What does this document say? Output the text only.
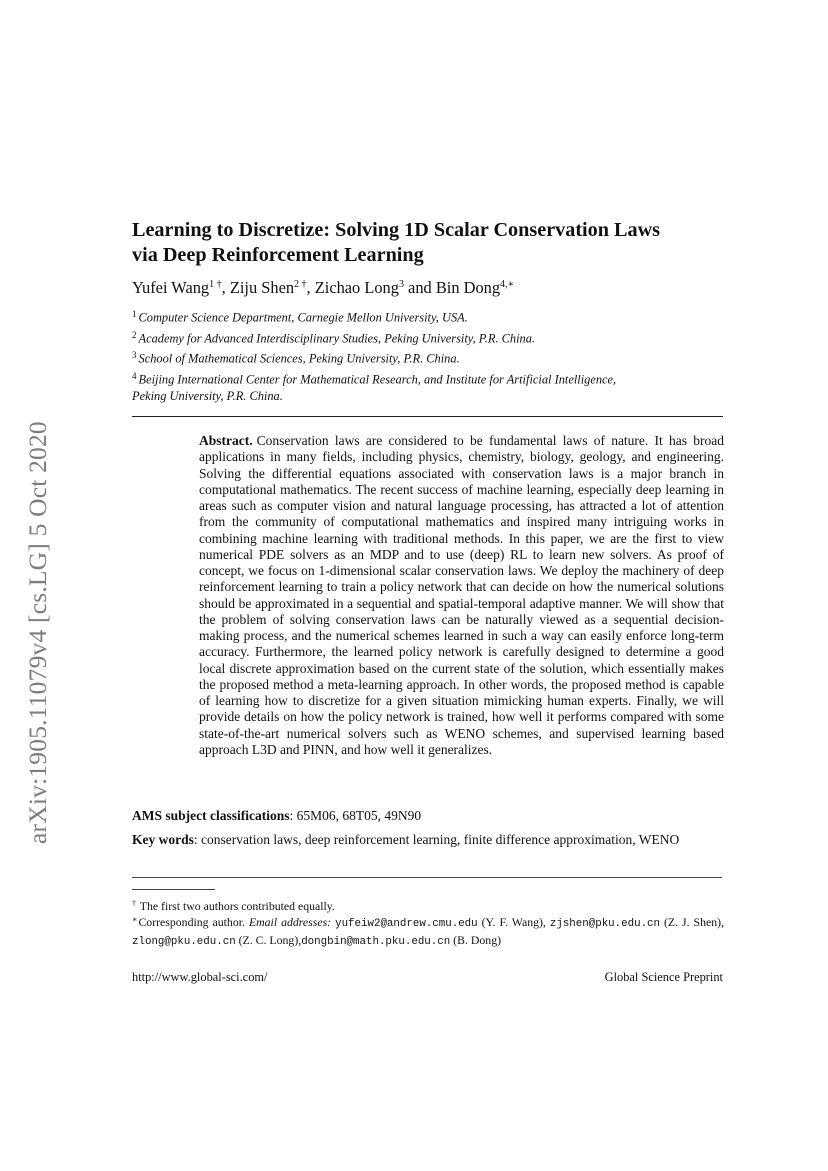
arXiv:1905.11079v4 [cs.LG] 5 Oct 2020
Learning to Discretize: Solving 1D Scalar Conservation Laws via Deep Reinforcement Learning
Yufei Wang$^{1 \dagger}$, Ziju Shen$^{2 \dagger}$, Zichao Long$^3$ and Bin Dong$^{4,∗}$
$^1$ Computer Science Department, Carnegie Mellon University, USA.
$^2$ Academy for Advanced Interdisciplinary Studies, Peking University, P.R. China.
$^3$ School of Mathematical Sciences, Peking University, P.R. China.
$^4$ Beijing International Center for Mathematical Research, and Institute for Artificial Intelligence, Peking University, P.R. China.

Abstract. Conservation laws are considered to be fundamental laws of nature. It has broad applications in many fields, including physics, chemistry, biology, geology, and engineering. Solving the differential equations associated with conservation laws is a major branch in computational mathematics. The recent success of machine learning, especially deep learning in areas such as computer vision and natural language processing, has attracted a lot of attention from the community of computational mathematics and inspired many intriguing works in combining machine learning with traditional methods. In this paper, we are the first to view numerical PDE solvers as an MDP and to use (deep) RL to learn new solvers. As proof of concept, we focus on 1-dimensional scalar conservation laws. We deploy the machinery of deep reinforcement learning to train a policy network that can decide on how the numerical solutions should be approximated in a sequential and spatial-temporal adaptive manner. We will show that the problem of solving conservation laws can be naturally viewed as a sequential decision-making process, and the numerical schemes learned in such a way can easily enforce long-term accuracy. Furthermore, the learned policy network is carefully designed to determine a good local discrete approximation based on the current state of the solution, which essentially makes the proposed method a meta-learning approach. In other words, the proposed method is capable of learning how to discretize for a given situation mimicking human experts. Finally, we will provide details on how the policy network is trained, how well it performs compared with some state-of-the-art numerical solvers such as WENO schemes, and supervised learning based approach L3D and PINN, and how well it generalizes.

AMS subject classifications: 65M06, 68T05, 49N90

Key words: conservation laws, deep reinforcement learning, finite difference approximation, WENO

† The first two authors contributed equally.
∗Corresponding author. Email addresses: yufeiw2@andrew.cmu.edu (Y. F. Wang), zjshen@pku.edu.cn (Z. J. Shen), zlong@pku.edu.cn (Z. C. Long),dongbin@math.pku.edu.cn (B. Dong)
http://www.global-sci.com/	Global Science Preprint
